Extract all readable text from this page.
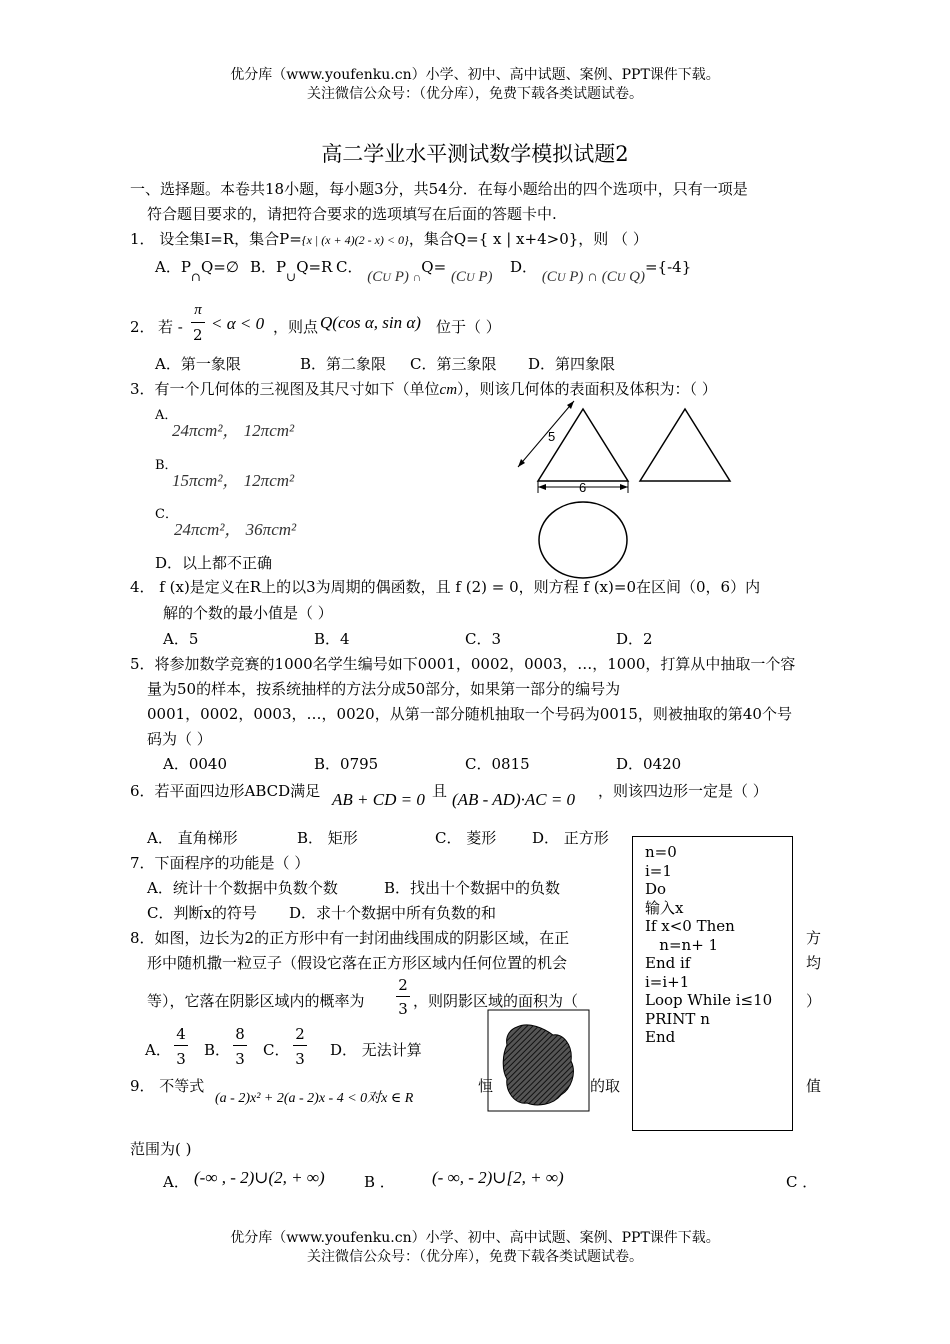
优分库（www.youfenku.cn）小学、初中、高中试题、案例、PPT课件下载。
关注微信公众号：（优分库），免费下载各类试题试卷。
高二学业水平测试数学模拟试题2
一、选择题。本卷共18小题，每小题3分，共54分．在每小题给出的四个选项中，只有一项是
符合题目要求的，请把符合要求的选项填写在后面的答题卡中.
1． 设全集I=R，集合P={x | (x + 4)(2 - x) < 0}，集合Q={ x | x+4>0}，则 （ ）
A．$P_\cap Q=\emptyset$ B．$P_\cup Q=R$ C． (CU P) ∩Q= (CU P)
D． (CU P) ∩ (CU Q)={-4}
2． 若 -
π
2
< α < 0 ，则点 Q(cos α, sin α) 位于（ ）
A．第一象限	B．第二象限 C．第三象限 D．第四象限
3．有一个几何体的三视图及其尺寸如下（单位cm），则该几何体的表面积及体积为：（ ）
A．
24πcm²， 12πcm²
B．
15πcm²， 12πcm²
C．
24πcm²， 36πcm²
D．以上都不正确
5
6
4． f (x)是定义在R上的以3为周期的偶函数，且 f (2) = 0，则方程 f (x)=0在区间（0，6）内
解的个数的最小值是（ ）
A．5	B．4	C．3	D．2
5．将参加数学竞赛的1000名学生编号如下0001，0002，0003，…，1000，打算从中抽取一个容
量为50的样本，按系统抽样的方法分成50部分，如果第一部分的编号为
0001，0002，0003，…，0020，从第一部分随机抽取一个号码为0015，则被抽取的第40个号
码为（ ）
A．0040	B．0795	C．0815	D．0420
6．若平面四边形ABCD满足 AB + CD = 0 且 (AB - AD)·AC = 0 ，则该四边形一定是（ ）
A． 直角梯形	B． 矩形	C． 菱形 D． 正方形
7．下面程序的功能是（ ）
A．统计十个数据中负数个数	B．找出十个数据中的负数
C．判断x的符号 D．求十个数据中所有负数的和
n=0
i=1
Do
输入x
If x<0 Then
n=n+ 1
End if
i=i+1
Loop While i≤10
PRINT n
End
8．如图，边长为2的正方形中有一封闭曲线围成的阴影区域，在正	方
形中随机撒一粒豆子（假设它落在正方形区域内任何位置的机会	均
等），它落在阴影区域内的概率为
2
3 ，则阴影区域的面积为（	）
A．
4
3 B．
8
3 C．
2
3 D． 无法计算
9． 不等式
(a - 2)x² + 2(a - 2)x - 4 < 0对x ∈ R
恒	的取	值
范围为( )
A． (-∞ , - 2)∪(2, + ∞)	B ． (- ∞, - 2)∪[2, + ∞)	C ．
优分库（www.youfenku.cn）小学、初中、高中试题、案例、PPT课件下载。
关注微信公众号：（优分库），免费下载各类试题试卷。
